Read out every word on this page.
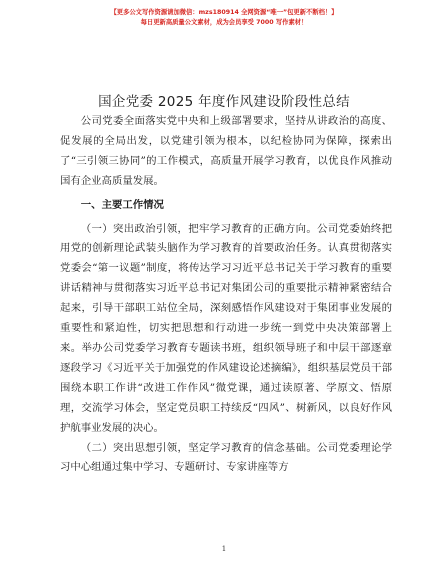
【更多公文写作资源请加微信：mzs180914 全网资源“唯一”包更新不断档！】
每日更新高质量公文素材，成为会员享受 7000 写作素材！
国企党委 2025 年度作风建设阶段性总结

公司党委全面落实党中央和上级部署要求，坚持从讲政治的高度、促发展的全局出发，以党建引领为根本，以纪检协同为保障，探索出了“三引领三协同”的工作模式，高质量开展学习教育，以优良作风推动国有企业高质量发展。

一、主要工作情况

（一）突出政治引领，把牢学习教育的正确方向。公司党委始终把用党的创新理论武装头脑作为学习教育的首要政治任务。认真贯彻落实党委会“第一议题”制度，将传达学习习近平总书记关于学习教育的重要讲话精神与贯彻落实习近平总书记对集团公司的重要批示精神紧密结合起来，引导干部职工站位全局，深刻感悟作风建设对于集团事业发展的重要性和紧迫性，切实把思想和行动进一步统一到党中央决策部署上来。举办公司党委学习教育专题读书班，组织领导班子和中层干部逐章逐段学习《习近平关于加强党的作风建设论述摘编》，组织基层党员干部围绕本职工作讲“改进工作作风”微党课，通过读原著、学原文、悟原理，交流学习体会，坚定党员职工持续反“四风”、树新风，以良好作风护航事业发展的决心。

（二）突出思想引领，坚定学习教育的信念基础。公司党委理论学习中心组通过集中学习、专题研讨、专家讲座等方

1
